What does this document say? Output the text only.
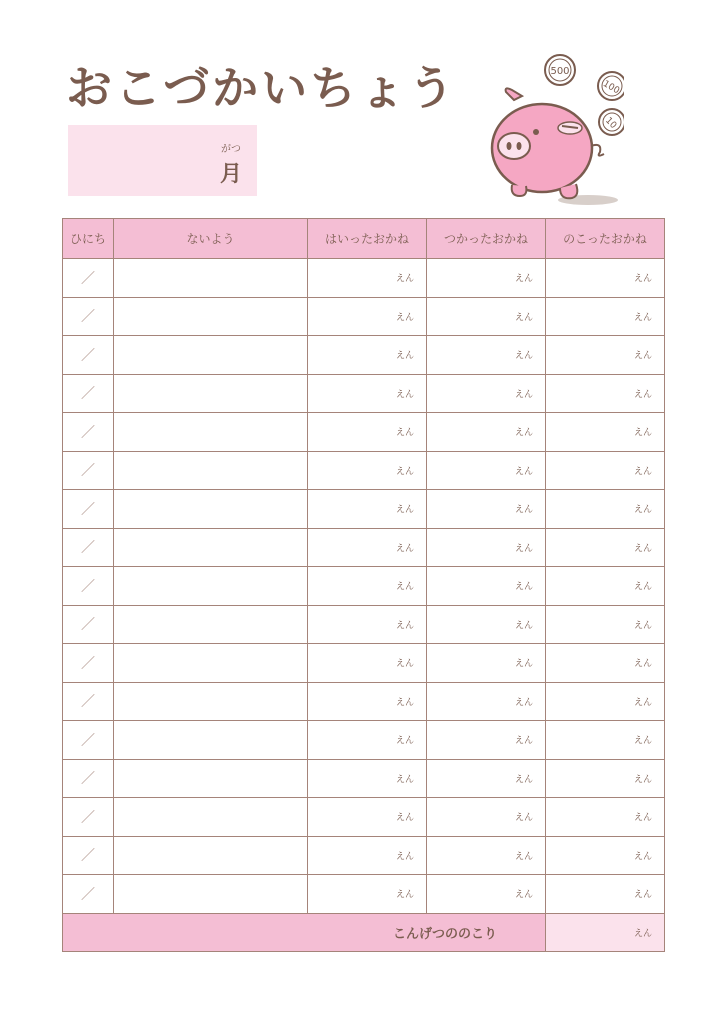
おこづかいちょう
がつ
月
500
100
10
ひにち	ないよう	はいったおかね	つかったおかね	のこったおかね
／		えん	えん	えん
／		えん	えん	えん
／		えん	えん	えん
／		えん	えん	えん
／		えん	えん	えん
／		えん	えん	えん
／		えん	えん	えん
／		えん	えん	えん
／		えん	えん	えん
／		えん	えん	えん
／		えん	えん	えん
／		えん	えん	えん
／		えん	えん	えん
／		えん	えん	えん
／		えん	えん	えん
／		えん	えん	えん
／		えん	えん	えん
こんげつののこり				えん
